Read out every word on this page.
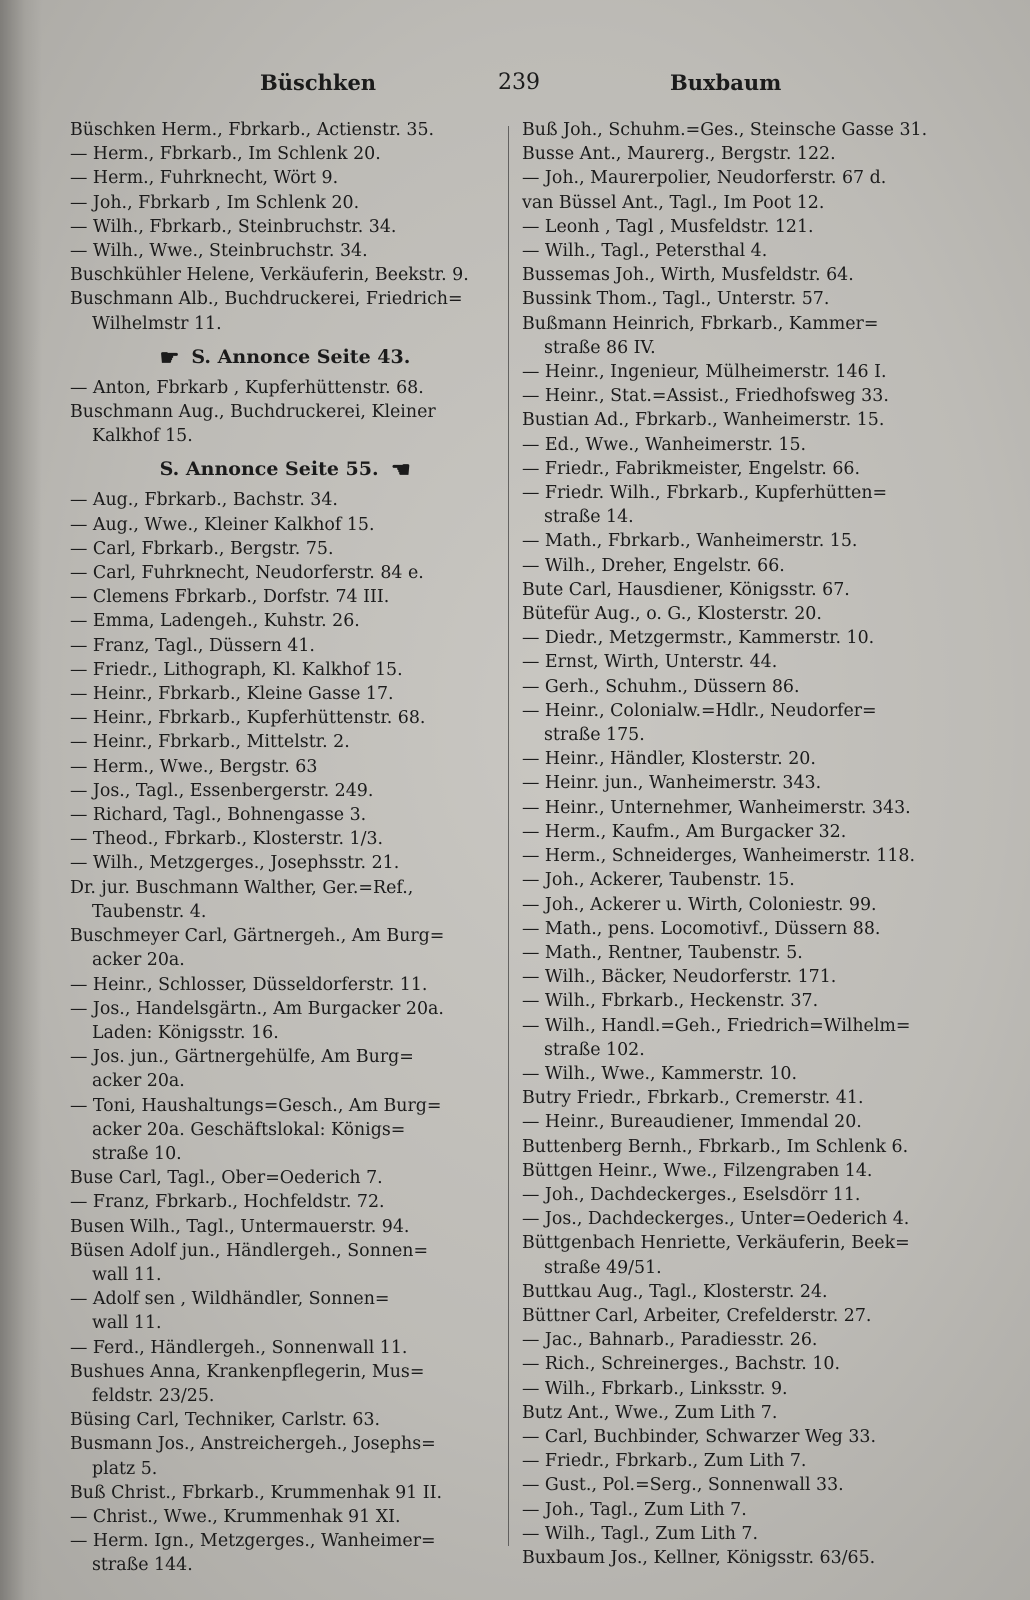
Büschken	239	Buxbaum
Büschken Herm., Fbrkarb., Actienstr. 35.
— Herm., Fbrkarb., Im Schlenk 20.
— Herm., Fuhrknecht, Wört 9.
— Joh., Fbrkarb , Im Schlenk 20.
— Wilh., Fbrkarb., Steinbruchstr. 34.
— Wilh., Wwe., Steinbruchstr. 34.
Buschkühler Helene, Verkäuferin, Beekstr. 9.
Buschmann Alb., Buchdruckerei, Friedrich=
Wilhelmstr 11.
☛ S. Annonce Seite 43.
— Anton, Fbrkarb , Kupferhüttenstr. 68.
Buschmann Aug., Buchdruckerei, Kleiner
Kalkhof 15.
S. Annonce Seite 55. ☛
— Aug., Fbrkarb., Bachstr. 34.
— Aug., Wwe., Kleiner Kalkhof 15.
— Carl, Fbrkarb., Bergstr. 75.
— Carl, Fuhrknecht, Neudorferstr. 84 e.
— Clemens Fbrkarb., Dorfstr. 74 III.
— Emma, Ladengeh., Kuhstr. 26.
— Franz, Tagl., Düssern 41.
— Friedr., Lithograph, Kl. Kalkhof 15.
— Heinr., Fbrkarb., Kleine Gasse 17.
— Heinr., Fbrkarb., Kupferhüttenstr. 68.
— Heinr., Fbrkarb., Mittelstr. 2.
— Herm., Wwe., Bergstr. 63
— Jos., Tagl., Essenbergerstr. 249.
— Richard, Tagl., Bohnengasse 3.
— Theod., Fbrkarb., Klosterstr. 1/3.
— Wilh., Metzgerges., Josephsstr. 21.
Dr. jur. Buschmann Walther, Ger.=Ref.,
Taubenstr. 4.
Buschmeyer Carl, Gärtnergeh., Am Burg=
acker 20a.
— Heinr., Schlosser, Düsseldorferstr. 11.
— Jos., Handelsgärtn., Am Burgacker 20a.
Laden: Königsstr. 16.
— Jos. jun., Gärtnergehülfe, Am Burg=
acker 20a.
— Toni, Haushaltungs=Gesch., Am Burg=
acker 20a. Geschäftslokal: Königs=
straße 10.
Buse Carl, Tagl., Ober=Oederich 7.
— Franz, Fbrkarb., Hochfeldstr. 72.
Busen Wilh., Tagl., Untermauerstr. 94.
Büsen Adolf jun., Händlergeh., Sonnen=
wall 11.
— Adolf sen , Wildhändler, Sonnen=
wall 11.
— Ferd., Händlergeh., Sonnenwall 11.
Bushues Anna, Krankenpflegerin, Mus=
feldstr. 23/25.
Büsing Carl, Techniker, Carlstr. 63.
Busmann Jos., Anstreichergeh., Josephs=
platz 5.
Buß Christ., Fbrkarb., Krummenhak 91 II.
— Christ., Wwe., Krummenhak 91 XI.
— Herm. Ign., Metzgerges., Wanheimer=
straße 144.
Buß Joh., Schuhm.=Ges., Steinsche Gasse 31.
Busse Ant., Maurerg., Bergstr. 122.
— Joh., Maurerpolier, Neudorferstr. 67 d.
van Büssel Ant., Tagl., Im Poot 12.
— Leonh , Tagl , Musfeldstr. 121.
— Wilh., Tagl., Petersthal 4.
Bussemas Joh., Wirth, Musfeldstr. 64.
Bussink Thom., Tagl., Unterstr. 57.
Bußmann Heinrich, Fbrkarb., Kammer=
straße 86 IV.
— Heinr., Ingenieur, Mülheimerstr. 146 I.
— Heinr., Stat.=Assist., Friedhofsweg 33.
Bustian Ad., Fbrkarb., Wanheimerstr. 15.
— Ed., Wwe., Wanheimerstr. 15.
— Friedr., Fabrikmeister, Engelstr. 66.
— Friedr. Wilh., Fbrkarb., Kupferhütten=
straße 14.
— Math., Fbrkarb., Wanheimerstr. 15.
— Wilh., Dreher, Engelstr. 66.
Bute Carl, Hausdiener, Königsstr. 67.
Bütefür Aug., o. G., Klosterstr. 20.
— Diedr., Metzgermstr., Kammerstr. 10.
— Ernst, Wirth, Unterstr. 44.
— Gerh., Schuhm., Düssern 86.
— Heinr., Colonialw.=Hdlr., Neudorfer=
straße 175.
— Heinr., Händler, Klosterstr. 20.
— Heinr. jun., Wanheimerstr. 343.
— Heinr., Unternehmer, Wanheimerstr. 343.
— Herm., Kaufm., Am Burgacker 32.
— Herm., Schneiderges, Wanheimerstr. 118.
— Joh., Ackerer, Taubenstr. 15.
— Joh., Ackerer u. Wirth, Coloniestr. 99.
— Math., pens. Locomotivf., Düssern 88.
— Math., Rentner, Taubenstr. 5.
— Wilh., Bäcker, Neudorferstr. 171.
— Wilh., Fbrkarb., Heckenstr. 37.
— Wilh., Handl.=Geh., Friedrich=Wilhelm=
straße 102.
— Wilh., Wwe., Kammerstr. 10.
Butry Friedr., Fbrkarb., Cremerstr. 41.
— Heinr., Bureaudiener, Immendal 20.
Buttenberg Bernh., Fbrkarb., Im Schlenk 6.
Büttgen Heinr., Wwe., Filzengraben 14.
— Joh., Dachdeckerges., Eselsdörr 11.
— Jos., Dachdeckerges., Unter=Oederich 4.
Büttgenbach Henriette, Verkäuferin, Beek=
straße 49/51.
Buttkau Aug., Tagl., Klosterstr. 24.
Büttner Carl, Arbeiter, Crefelderstr. 27.
— Jac., Bahnarb., Paradiesstr. 26.
— Rich., Schreinerges., Bachstr. 10.
— Wilh., Fbrkarb., Linksstr. 9.
Butz Ant., Wwe., Zum Lith 7.
— Carl, Buchbinder, Schwarzer Weg 33.
— Friedr., Fbrkarb., Zum Lith 7.
— Gust., Pol.=Serg., Sonnenwall 33.
— Joh., Tagl., Zum Lith 7.
— Wilh., Tagl., Zum Lith 7.
Buxbaum Jos., Kellner, Königsstr. 63/65.
